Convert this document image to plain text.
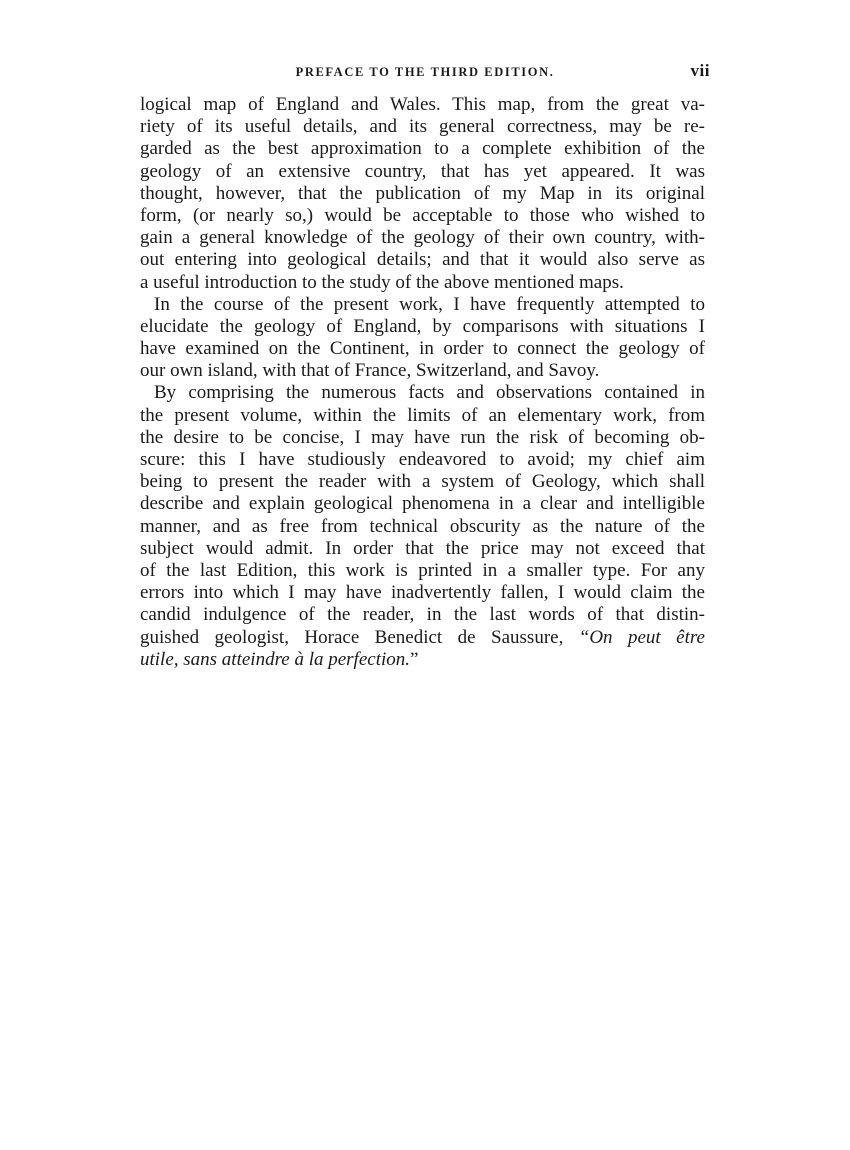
PREFACE TO THE THIRD EDITION.	vii
logical map of England and Wales. This map, from the great va-
riety of its useful details, and its general correctness, may be re-
garded as the best approximation to a complete exhibition of the
geology of an extensive country, that has yet appeared. It was
thought, however, that the publication of my Map in its original
form, (or nearly so,) would be acceptable to those who wished to
gain a general knowledge of the geology of their own country, with-
out entering into geological details; and that it would also serve as
a useful introduction to the study of the above mentioned maps.
In the course of the present work, I have frequently attempted to
elucidate the geology of England, by comparisons with situations I
have examined on the Continent, in order to connect the geology of
our own island, with that of France, Switzerland, and Savoy.
By comprising the numerous facts and observations contained in
the present volume, within the limits of an elementary work, from
the desire to be concise, I may have run the risk of becoming ob-
scure: this I have studiously endeavored to avoid; my chief aim
being to present the reader with a system of Geology, which shall
describe and explain geological phenomena in a clear and intelligible
manner, and as free from technical obscurity as the nature of the
subject would admit. In order that the price may not exceed that
of the last Edition, this work is printed in a smaller type. For any
errors into which I may have inadvertently fallen, I would claim the
candid indulgence of the reader, in the last words of that distin-
guished geologist, Horace Benedict de Saussure, “On peut être
utile, sans atteindre à la perfection.”
